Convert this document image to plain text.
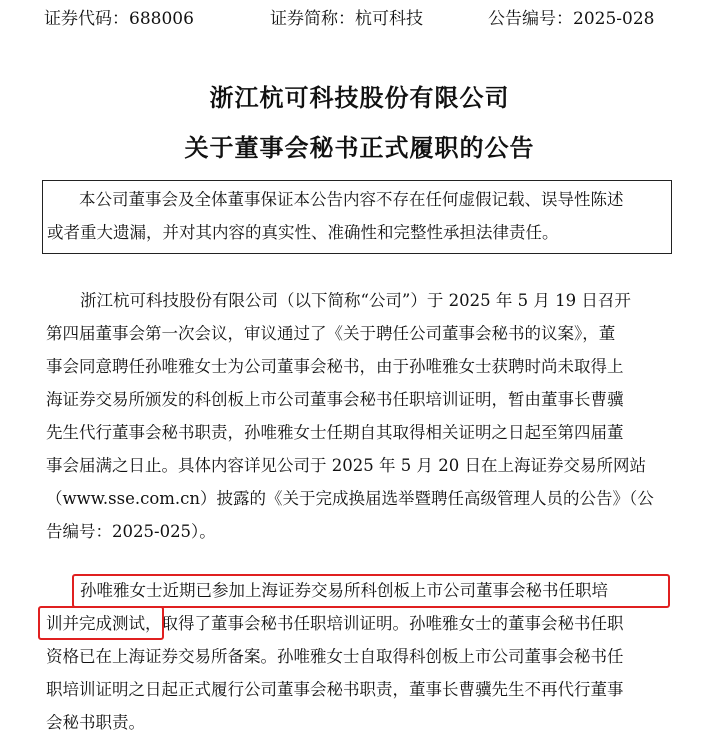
证券代码：688006	证券简称：杭可科技	公告编号：2025-028
浙江杭可科技股份有限公司
关于董事会秘书正式履职的公告
本公司董事会及全体董事保证本公告内容不存在任何虚假记载、误导性陈述
或者重大遗漏，并对其内容的真实性、准确性和完整性承担法律责任。
浙江杭可科技股份有限公司（以下简称“公司”）于 2025 年 5 月 19 日召开
第四届董事会第一次会议，审议通过了《关于聘任公司董事会秘书的议案》，董
事会同意聘任孙唯雅女士为公司董事会秘书，由于孙唯雅女士获聘时尚未取得上
海证券交易所颁发的科创板上市公司董事会秘书任职培训证明，暂由董事长曹骥
先生代行董事会秘书职责，孙唯雅女士任期自其取得相关证明之日起至第四届董
事会届满之日止。具体内容详见公司于 2025 年 5 月 20 日在上海证券交易所网站
（www.sse.com.cn）披露的《关于完成换届选举暨聘任高级管理人员的公告》（公
告编号：2025-025）。
孙唯雅女士近期已参加上海证券交易所科创板上市公司董事会秘书任职培
训并完成测试，取得了董事会秘书任职培训证明。孙唯雅女士的董事会秘书任职
资格已在上海证券交易所备案。孙唯雅女士自取得科创板上市公司董事会秘书任
职培训证明之日起正式履行公司董事会秘书职责，董事长曹骥先生不再代行董事
会秘书职责。
